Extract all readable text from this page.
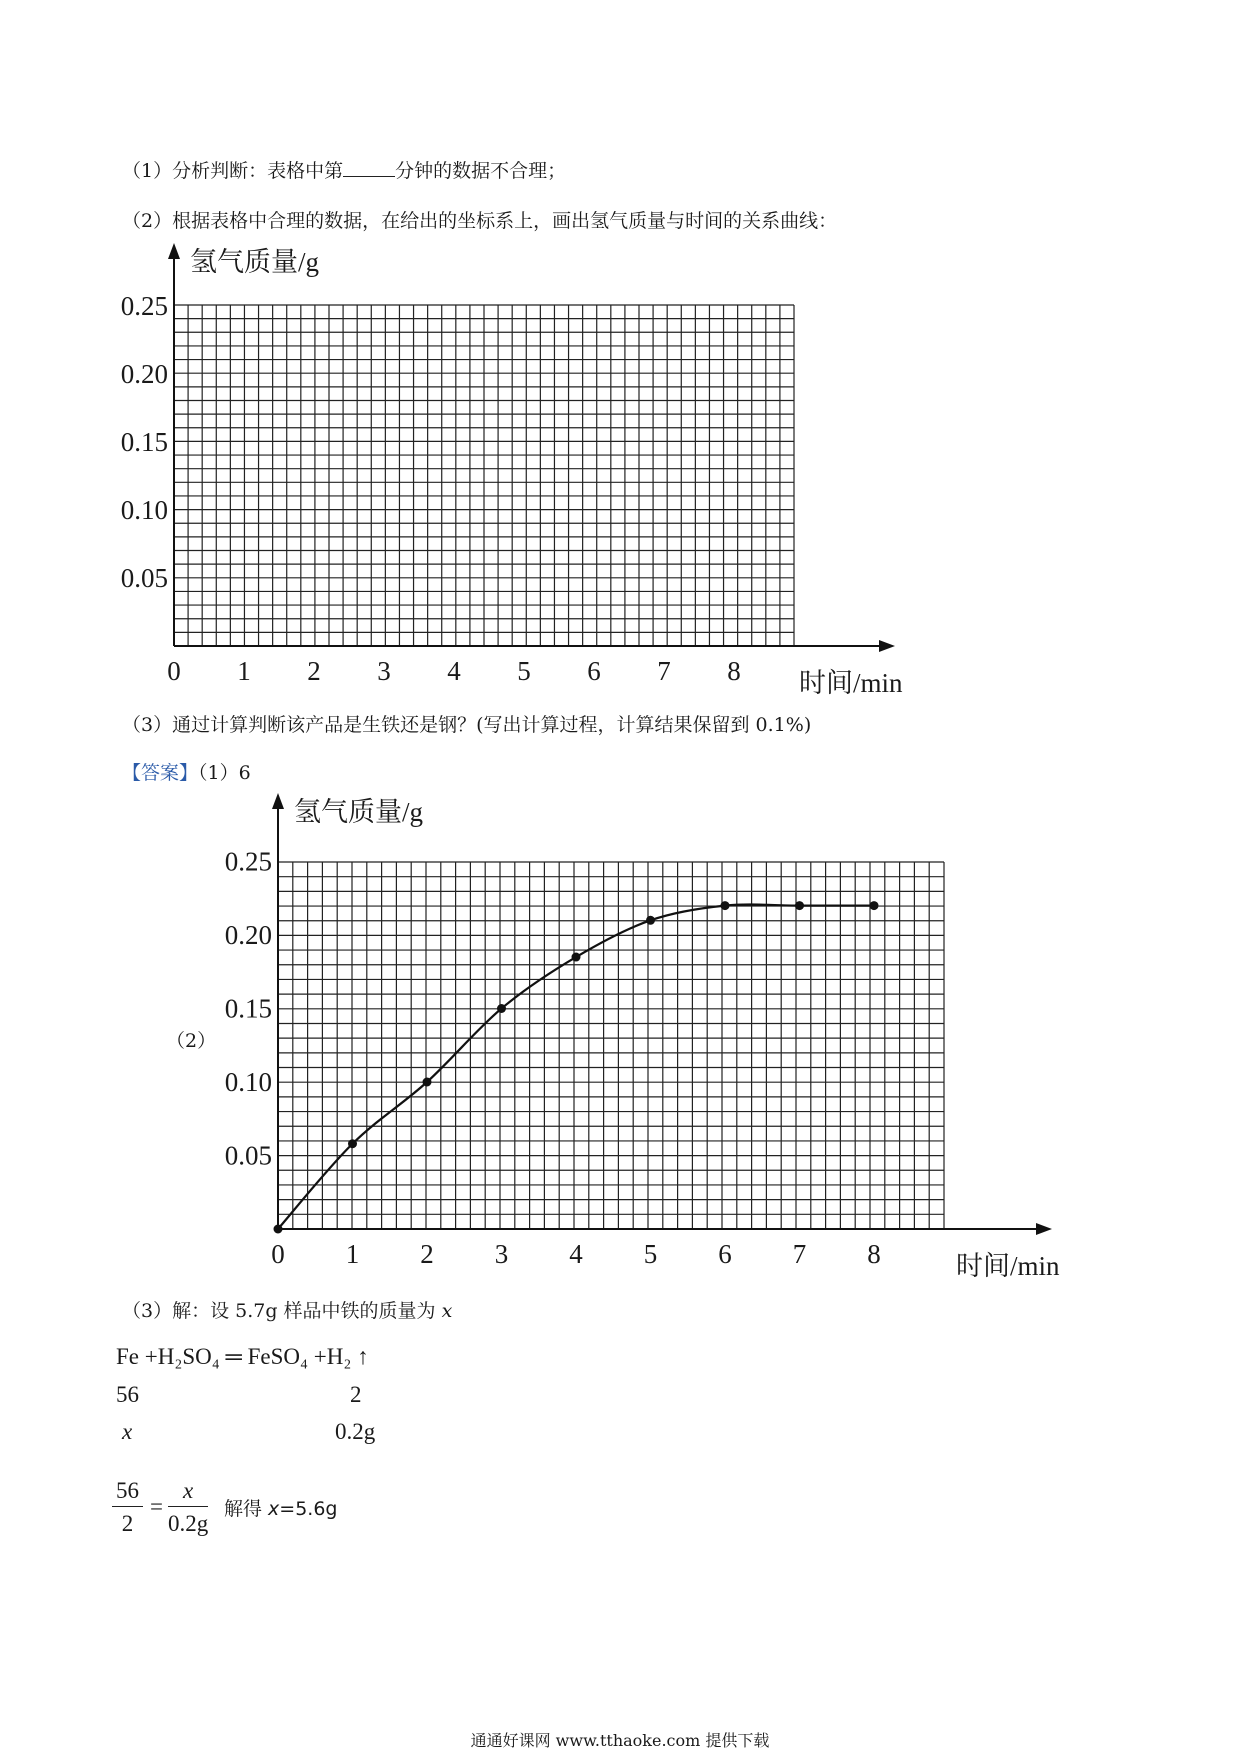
（1）分析判断：表格中第	分钟的数据不合理；
（2）根据表格中合理的数据，在给出的坐标系上，画出氢气质量与时间的关系曲线：
0 1 2 3 4 5 6 7 8
0.05
0.10
0.15
0.20
0.25
氢气质量/g
时间/min
（3）通过计算判断该产品是生铁还是钢？(写出计算过程，计算结果保留到 0.1%)
【答案】（1）6
（2）
0 1 2 3 4 5 6 7 8
0.05
0.10
0.15
0.20
0.25
氢气质量/g
时间/min
（3）解：设 5.7g 样品中铁的质量为 x
Fe +H₂SO₄ ═ FeSO₄ +H₂ ↑
56	2
x	0.2g
$\frac{56}{2} = \frac{x}{0.2g}$ 解得 x=5.6g
通通好课网 www.tthaoke.com 提供下载
